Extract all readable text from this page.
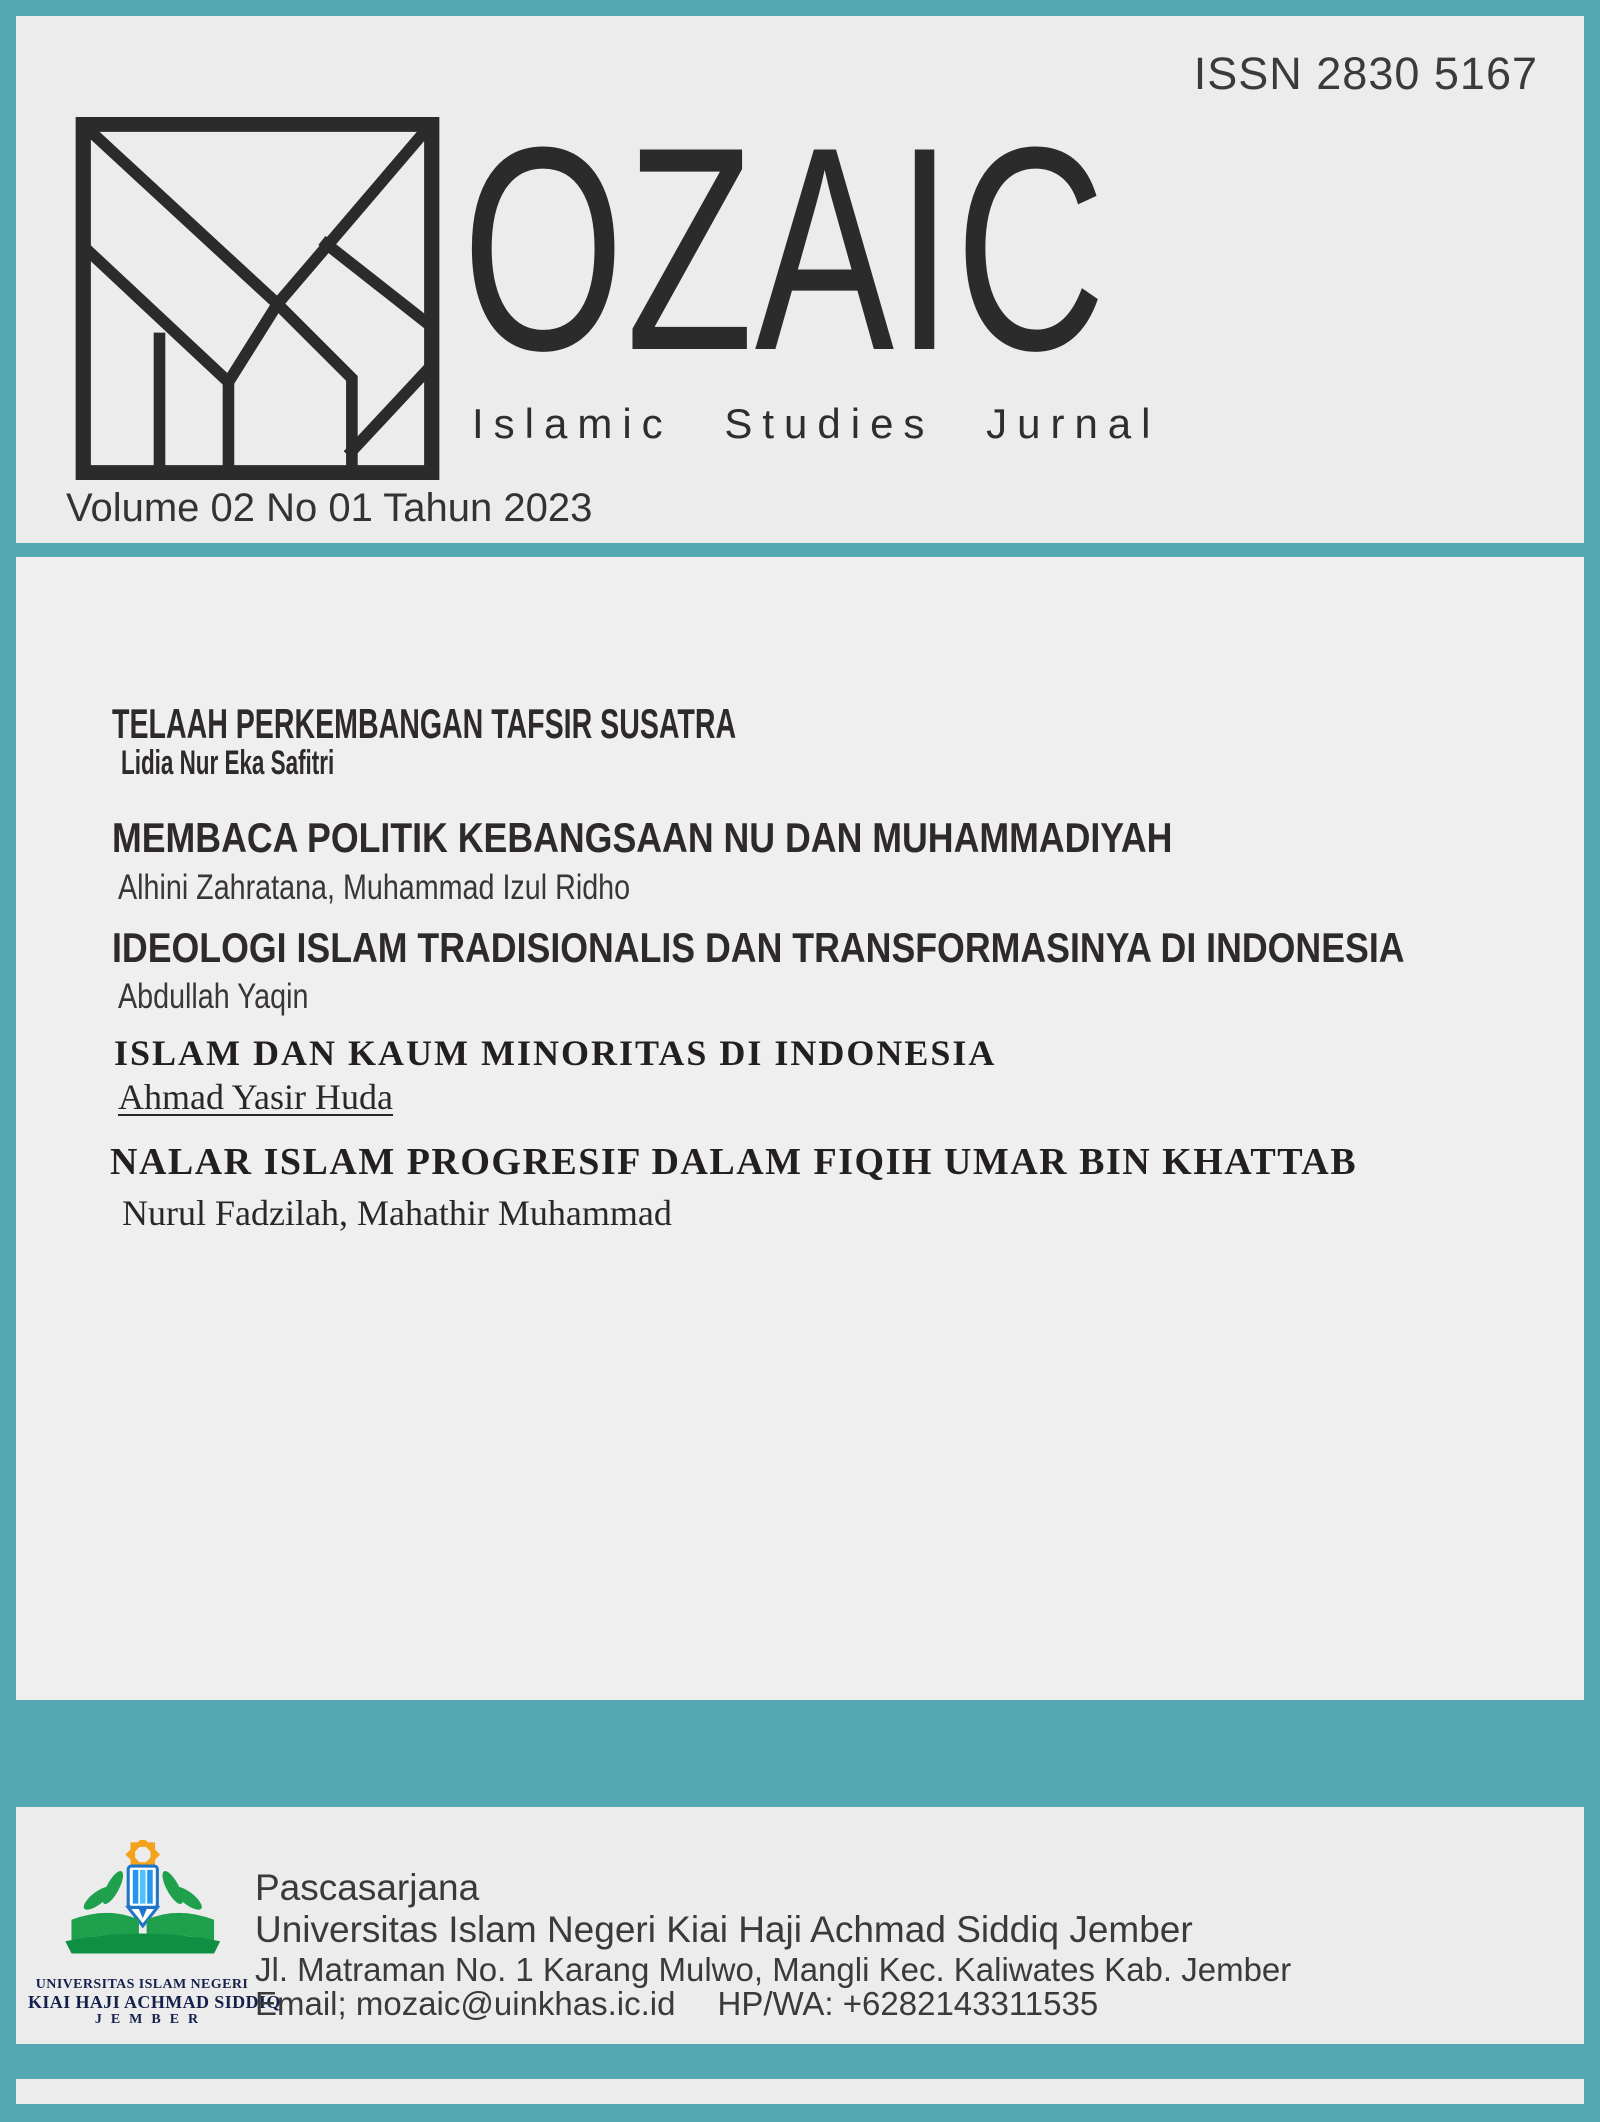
ISSN 2830 5167
OZAIC
Islamic Studies Jurnal
Volume 02 No 01 Tahun 2023
TELAAH PERKEMBANGAN TAFSIR SUSATRA
Lidia Nur Eka Safitri
MEMBACA POLITIK KEBANGSAAN NU DAN MUHAMMADIYAH
Alhini Zahratana, Muhammad Izul Ridho
IDEOLOGI ISLAM TRADISIONALIS DAN TRANSFORMASINYA DI INDONESIA
Abdullah Yaqin
ISLAM DAN KAUM MINORITAS DI INDONESIA
Ahmad Yasir Huda
NALAR ISLAM PROGRESIF DALAM FIQIH UMAR BIN KHATTAB
Nurul Fadzilah, Mahathir Muhammad
UNIVERSITAS ISLAM NEGERI
KIAI HAJI ACHMAD SIDDIQ
JEMBER
Pascasarjana
Universitas Islam Negeri Kiai Haji Achmad Siddiq Jember
Jl. Matraman No. 1 Karang Mulwo, Mangli Kec. Kaliwates Kab. Jember
Email; mozaic@uinkhas.ic.id HP/WA: +6282143311535
